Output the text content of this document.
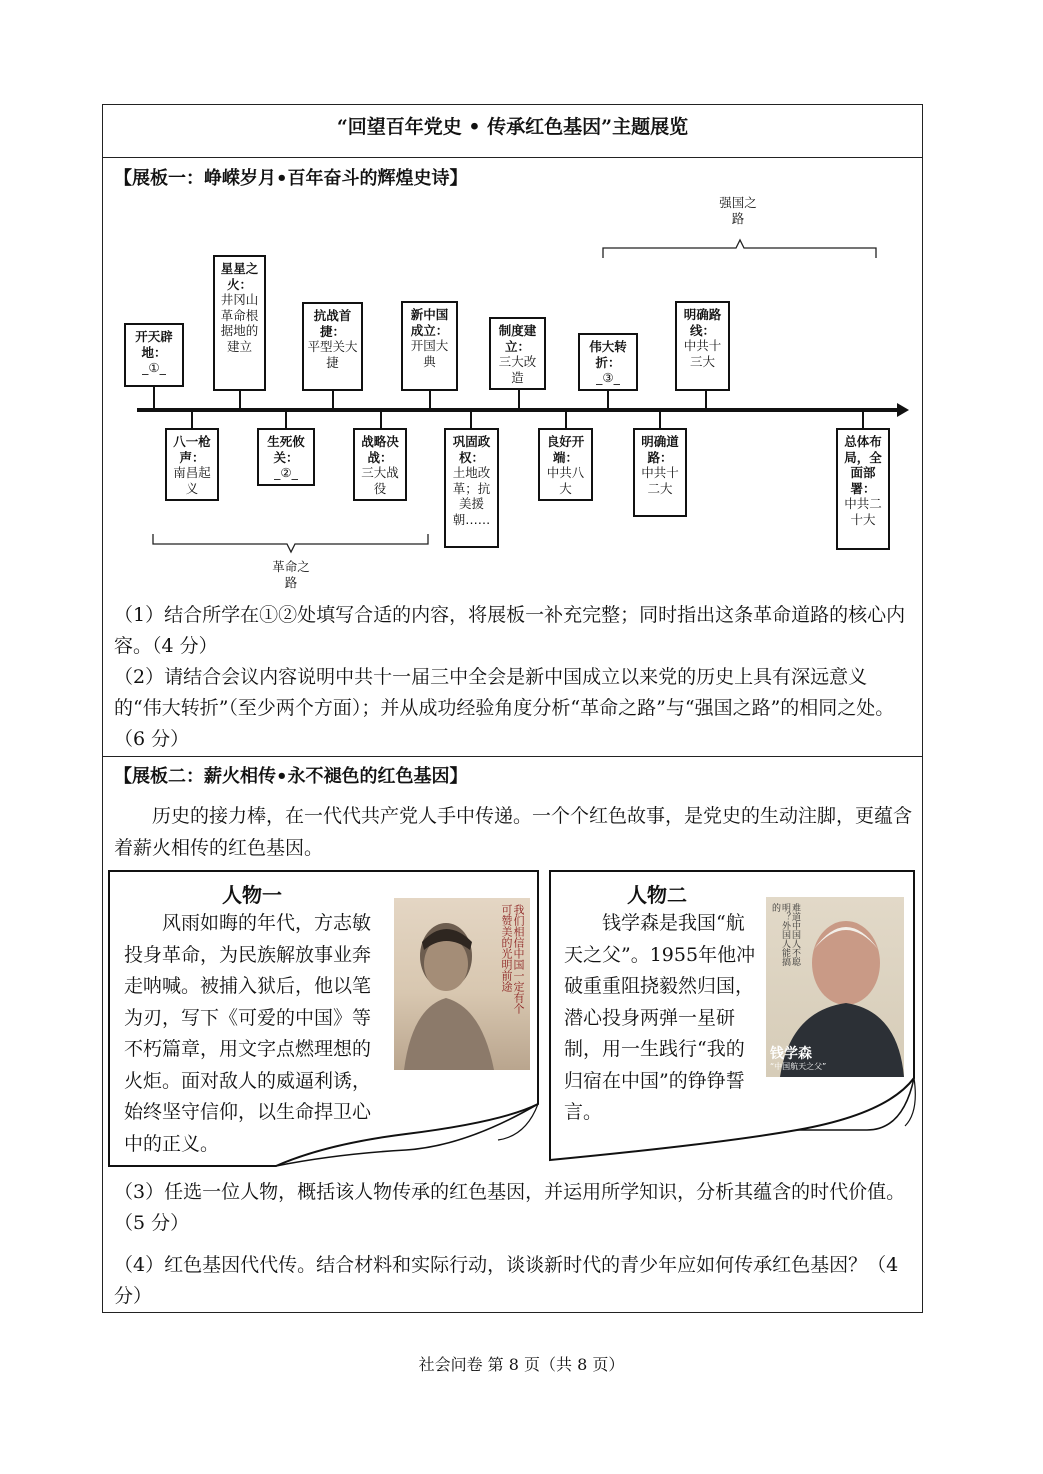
“回望百年党史 • 传承红色基因”主题展览
【展板一：峥嵘岁月•百年奋斗的辉煌史诗】
强国之路
开天辟地：
_①_
星星之火：
井冈山革命根据地的建立
抗战首捷：
平型关大捷
新中国成立：
开国大典
制度建立：
三大改造
伟大转折：
_③_
明确路线：
中共十三大
八一枪声：
南昌起义
生死攸关：
_②_
战略决战：
三大战役
巩固政权：
土地改革；抗美援朝……
良好开端：
中共八大
明确道路：
中共十二大
总体布局，全面部署：
中共二十大
革命之路
（1）结合所学在①②处填写合适的内容，将展板一补充完整；同时指出这条革命道路的核心内容。（4 分）
（2）请结合会议内容说明中共十一届三中全会是新中国成立以来党的历史上具有深远意义的“伟大转折”（至少两个方面）；并从成功经验角度分析“革命之路”与“强国之路”的相同之处。（6 分）
【展板二：薪火相传•永不褪色的红色基因】
历史的接力棒，在一代代共产党人手中传递。一个个红色故事，是党史的生动注脚，更蕴含着薪火相传的红色基因。
人物一
风雨如晦的年代，方志敏投身革命，为民族解放事业奔走呐喊。被捕入狱后，他以笔为刃，写下《可爱的中国》等不朽篇章，用文字点燃理想的火炬。面对敌人的威逼利诱，始终坚守信仰，以生命捍卫心中的正义。
我们相信中国一定有个可赞美的光明前途
人物二
钱学森是我国“航天之父”。1955年他冲破重重阻挠毅然归国，潜心投身两弹一星研制，用一生践行“我的归宿在中国”的铮铮誓言。
难道中国人不聪明？外国人能搞的
钱学森
“中国航天之父”
（3）任选一位人物，概括该人物传承的红色基因，并运用所学知识，分析其蕴含的时代价值。（5 分）
（4）红色基因代代传。结合材料和实际行动，谈谈新时代的青少年应如何传承红色基因？（4 分）
社会问卷 第 8 页（共 8 页）
